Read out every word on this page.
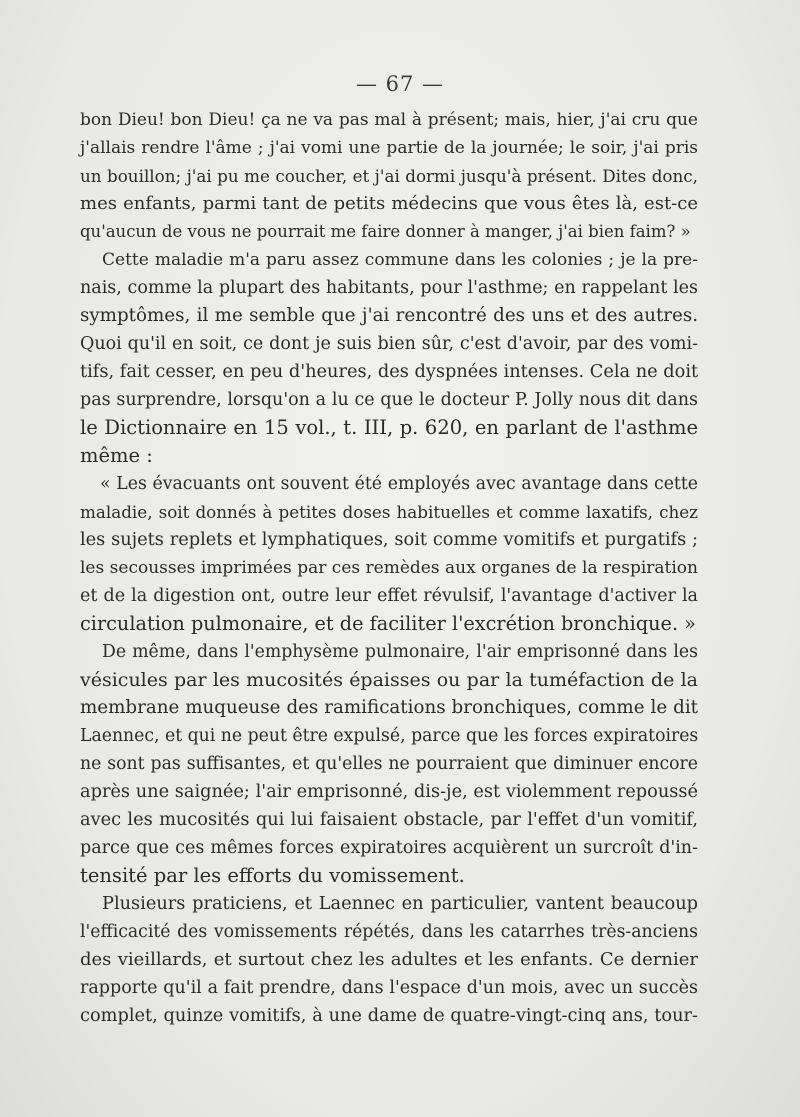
— 67 —
bon Dieu! bon Dieu! ça ne va pas mal à présent; mais, hier, j'ai cru que
j'allais rendre l'âme ; j'ai vomi une partie de la journée; le soir, j'ai pris
un bouillon; j'ai pu me coucher, et j'ai dormi jusqu'à présent. Dites donc,
mes enfants, parmi tant de petits médecins que vous êtes là, est-ce
qu'aucun de vous ne pourrait me faire donner à manger, j'ai bien faim? »
Cette maladie m'a paru assez commune dans les colonies ; je la pre-
nais, comme la plupart des habitants, pour l'asthme; en rappelant les
symptômes, il me semble que j'ai rencontré des uns et des autres.
Quoi qu'il en soit, ce dont je suis bien sûr, c'est d'avoir, par des vomi-
tifs, fait cesser, en peu d'heures, des dyspnées intenses. Cela ne doit
pas surprendre, lorsqu'on a lu ce que le docteur P. Jolly nous dit dans
le Dictionnaire en 15 vol., t. III, p. 620, en parlant de l'asthme
même :
« Les évacuants ont souvent été employés avec avantage dans cette
maladie, soit donnés à petites doses habituelles et comme laxatifs, chez
les sujets replets et lymphatiques, soit comme vomitifs et purgatifs ;
les secousses imprimées par ces remèdes aux organes de la respiration
et de la digestion ont, outre leur effet révulsif, l'avantage d'activer la
circulation pulmonaire, et de faciliter l'excrétion bronchique. »
De même, dans l'emphysème pulmonaire, l'air emprisonné dans les
vésicules par les mucosités épaisses ou par la tuméfaction de la
membrane muqueuse des ramifications bronchiques, comme le dit
Laennec, et qui ne peut être expulsé, parce que les forces expiratoires
ne sont pas suffisantes, et qu'elles ne pourraient que diminuer encore
après une saignée; l'air emprisonné, dis-je, est violemment repoussé
avec les mucosités qui lui faisaient obstacle, par l'effet d'un vomitif,
parce que ces mêmes forces expiratoires acquièrent un surcroît d'in-
tensité par les efforts du vomissement.
Plusieurs praticiens, et Laennec en particulier, vantent beaucoup
l'efficacité des vomissements répétés, dans les catarrhes très-anciens
des vieillards, et surtout chez les adultes et les enfants. Ce dernier
rapporte qu'il a fait prendre, dans l'espace d'un mois, avec un succès
complet, quinze vomitifs, à une dame de quatre-vingt-cinq ans, tour-
